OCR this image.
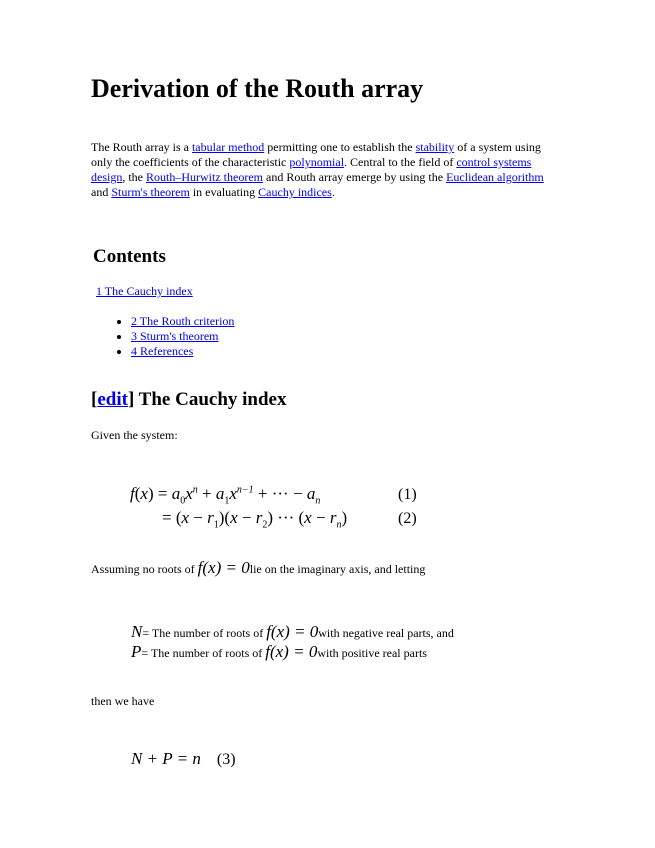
Derivation of the Routh array

The Routh array is a tabular method permitting one to establish the stability of a system using only the coefficients of the characteristic polynomial. Central to the field of control systems design, the Routh–Hurwitz theorem and Routh array emerge by using the Euclidean algorithm and Sturm's theorem in evaluating Cauchy indices.

Contents
1 The Cauchy index
• 2 The Routh criterion
• 3 Sturm's theorem
• 4 References
[edit] The Cauchy index

Given the system:

$f(x) = a_0x^n + a_1x^{n-1}$ + ··· − $a_n$	(1)
= $(x - r_1)(x - r_2)$ ··· $(x - r_n)$	(2)
Assuming no roots of f(x) = 0lie on the imaginary axis, and letting
N= The number of roots of f(x) = 0with negative real parts, and
P= The number of roots of f(x) = 0with positive real parts

then we have

N + P = n (3)
